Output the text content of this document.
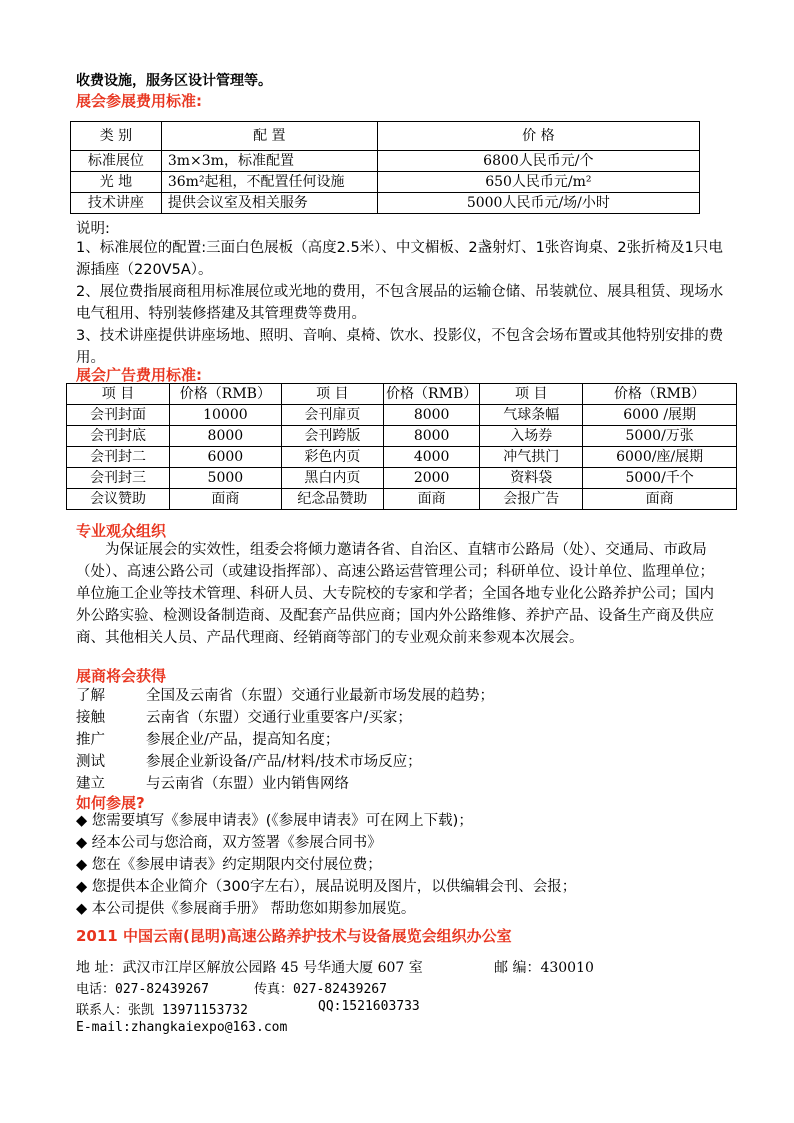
收费设施，服务区设计管理等。
展会参展费用标准:
类 别	配 置	价 格
标准展位	3m×3m，标准配置	6800人民币元/个
光 地	36m²起租，不配置任何设施	650人民币元/m²
技术讲座	提供会议室及相关服务	5000人民币元/场/小时
说明:
1、标准展位的配置:三面白色展板（高度2.5米）、中文楣板、2盏射灯、1张咨询桌、2张折椅及1只电源插座（220V5A）。
2、展位费指展商租用标准展位或光地的费用，不包含展品的运输仓储、吊装就位、展具租赁、现场水电气租用、特别装修搭建及其管理费等费用。
3、技术讲座提供讲座场地、照明、音响、桌椅、饮水、投影仪，不包含会场布置或其他特别安排的费用。
展会广告费用标准:
项 目	价格（RMB）	项 目	价格（RMB）	项 目	价格（RMB）
会刊封面	10000	会刊扉页	8000	气球条幅	6000 /展期
会刊封底	8000	会刊跨版	8000	入场券	5000/万张
会刊封二	6000	彩色内页	4000	冲气拱门	6000/座/展期
会刊封三	5000	黑白内页	2000	资料袋	5000/千个
会议赞助	面商	纪念品赞助	面商	会报广告	面商
专业观众组织
为保证展会的实效性，组委会将倾力邀请各省、自治区、直辖市公路局（处）、交通局、市政局（处）、高速公路公司（或建设指挥部）、高速公路运营管理公司；科研单位、设计单位、监理单位；单位施工企业等技术管理、科研人员、大专院校的专家和学者；全国各地专业化公路养护公司；国内外公路实验、检测设备制造商、及配套产品供应商；国内外公路维修、养护产品、设备生产商及供应商、其他相关人员、产品代理商、经销商等部门的专业观众前来参观本次展会。
展商将会获得
了解	全国及云南省（东盟）交通行业最新市场发展的趋势；
接触	云南省（东盟）交通行业重要客户/买家；
推广	参展企业/产品，提高知名度；
测试	参展企业新设备/产品/材料/技术市场反应；
建立	与云南省（东盟）业内销售网络
如何参展?
◆ 您需要填写《参展申请表》(《参展申请表》可在网上下载)；
◆ 经本公司与您洽商，双方签署《参展合同书》
◆ 您在《参展申请表》约定期限内交付展位费；
◆ 您提供本企业简介（300字左右），展品说明及图片，以供编辑会刊、会报；
◆ 本公司提供《参展商手册》 帮助您如期参加展览。
2011 中国云南(昆明)高速公路养护技术与设备展览会组织办公室
地 址：武汉市江岸区解放公园路 45 号华通大厦 607 室	邮 编：430010
电话：027-82439267	传真：027-82439267
联系人：张凯 13971153732	QQ:1521603733
E-mail:zhangkaiexpo@163.com
